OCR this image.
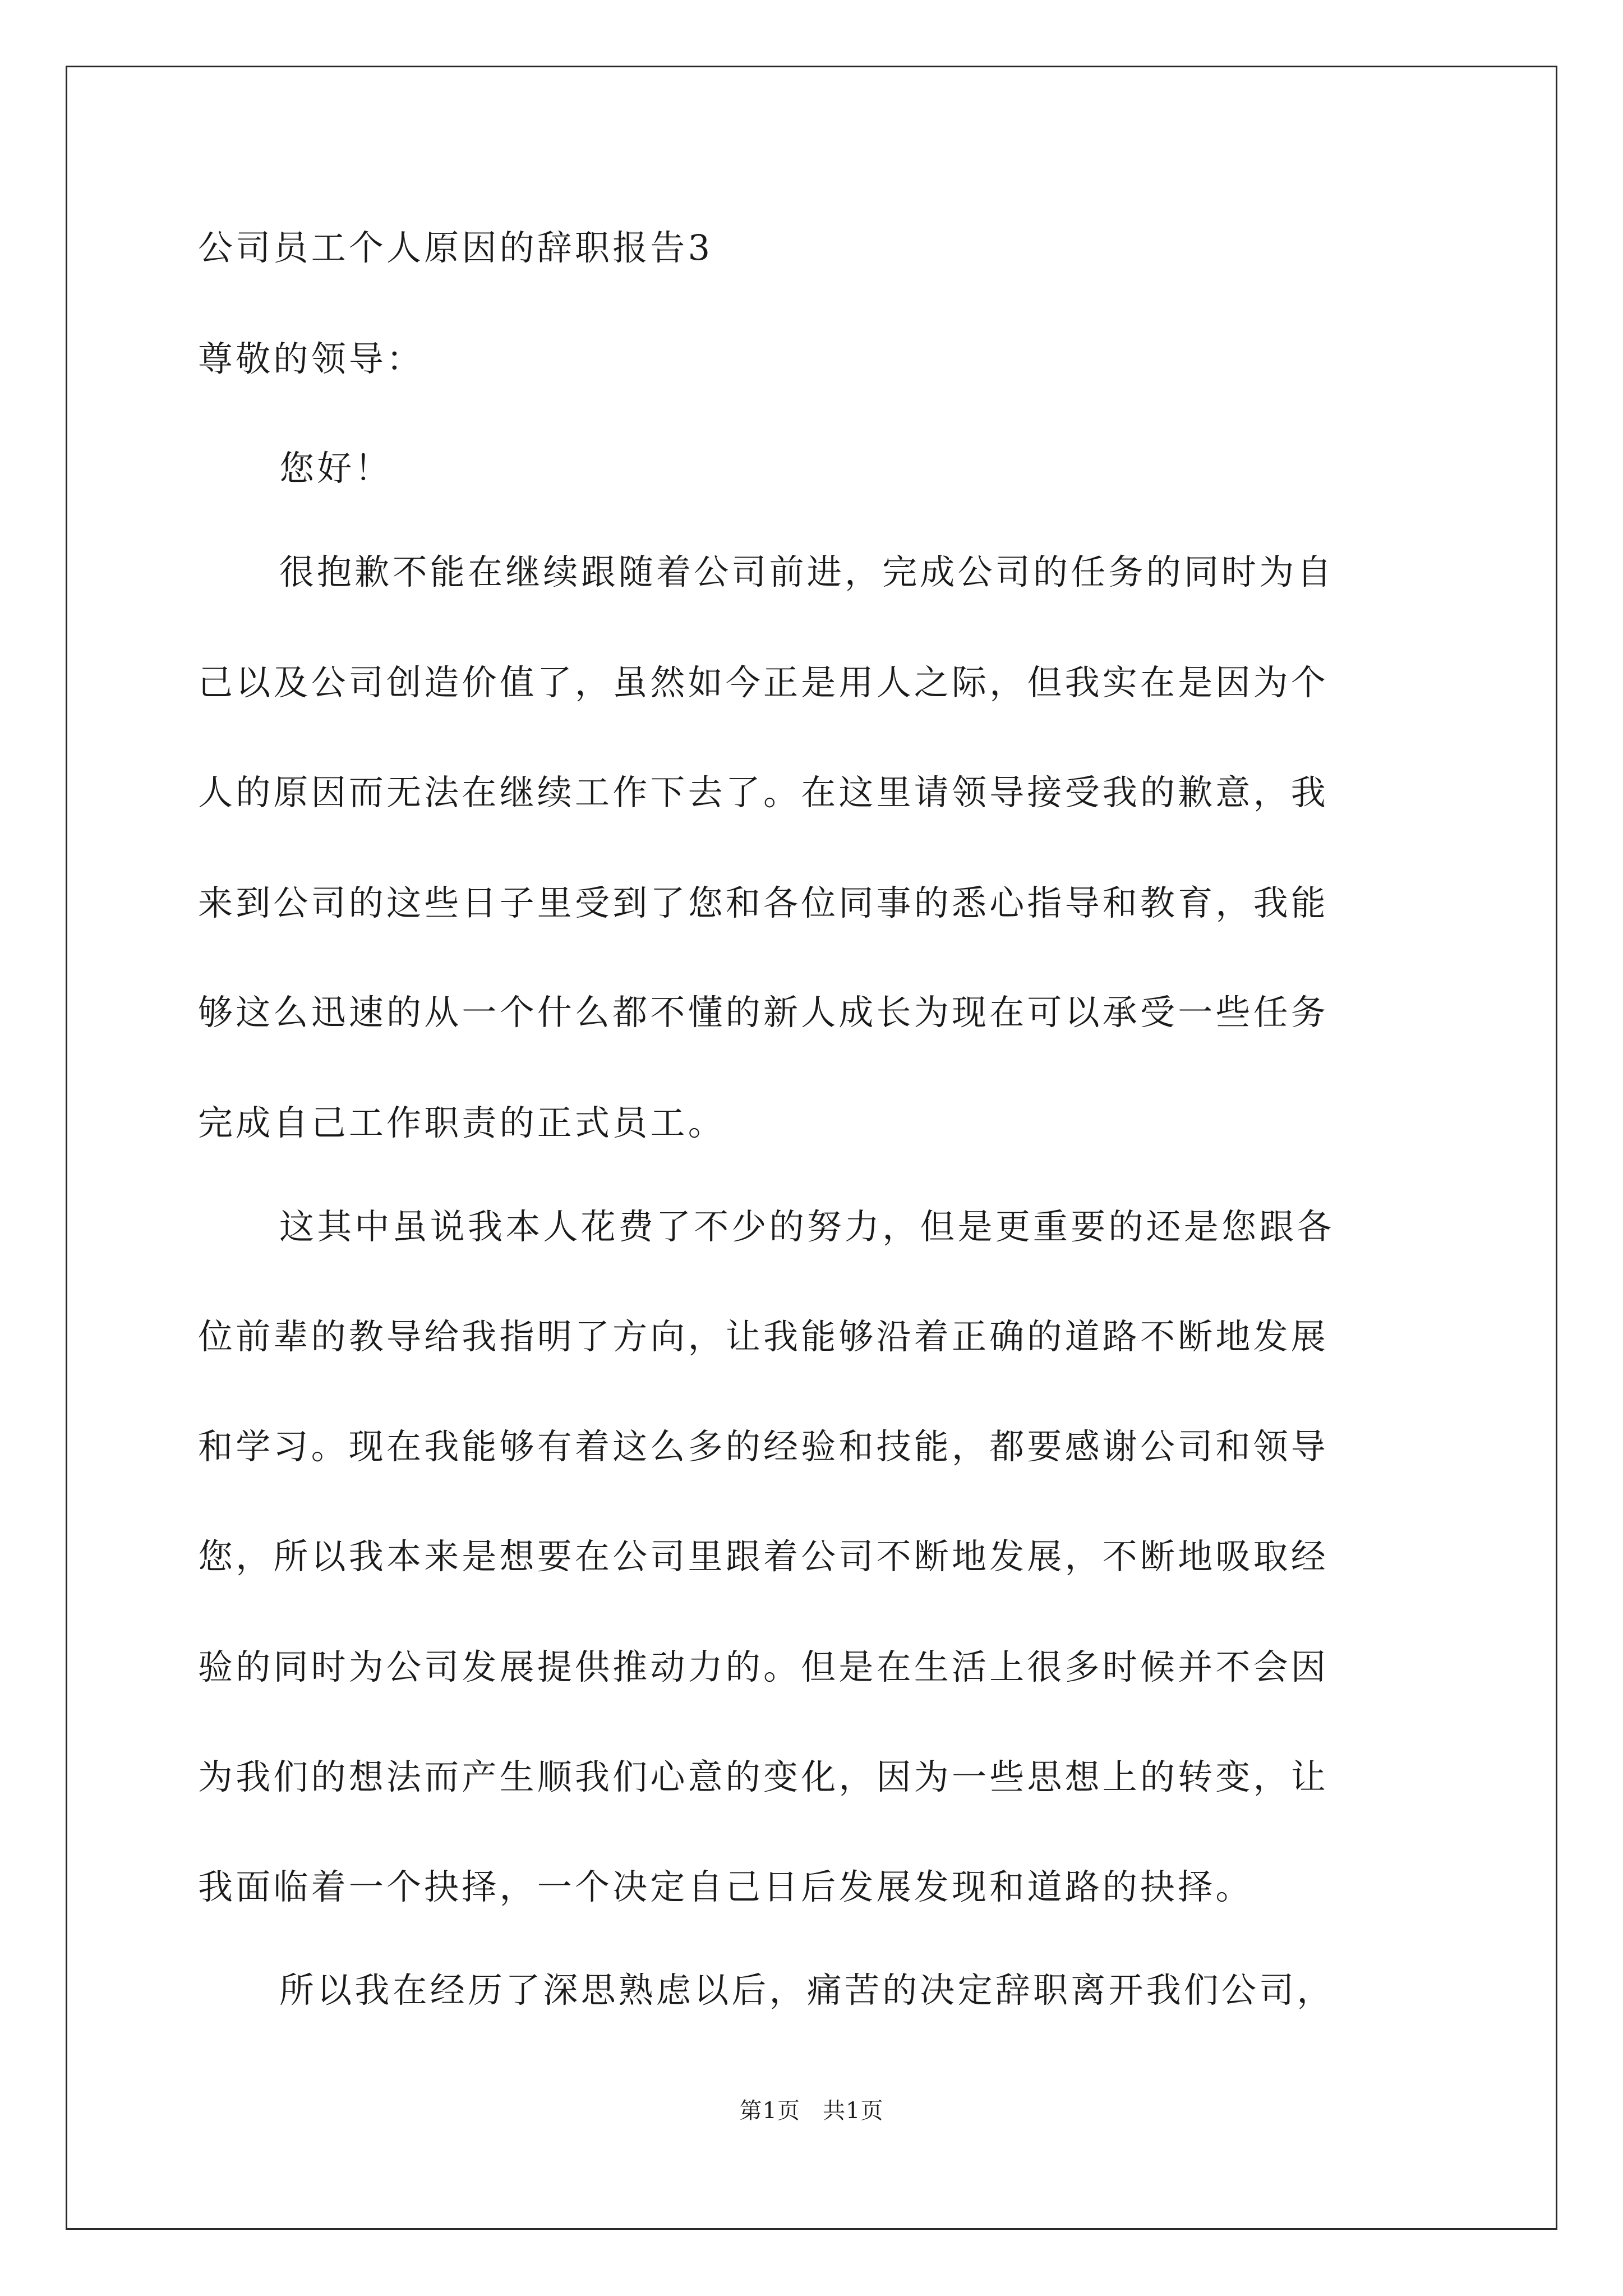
公司员工个人原因的辞职报告3
尊敬的领导：
您好！
很抱歉不能在继续跟随着公司前进，完成公司的任务的同时为自
己以及公司创造价值了，虽然如今正是用人之际，但我实在是因为个
人的原因而无法在继续工作下去了。在这里请领导接受我的歉意，我
来到公司的这些日子里受到了您和各位同事的悉心指导和教育，我能
够这么迅速的从一个什么都不懂的新人成长为现在可以承受一些任务
完成自己工作职责的正式员工。
这其中虽说我本人花费了不少的努力，但是更重要的还是您跟各
位前辈的教导给我指明了方向，让我能够沿着正确的道路不断地发展
和学习。现在我能够有着这么多的经验和技能，都要感谢公司和领导
您，所以我本来是想要在公司里跟着公司不断地发展，不断地吸取经
验的同时为公司发展提供推动力的。但是在生活上很多时候并不会因
为我们的想法而产生顺我们心意的变化，因为一些思想上的转变，让
我面临着一个抉择，一个决定自己日后发展发现和道路的抉择。
所以我在经历了深思熟虑以后，痛苦的决定辞职离开我们公司，
第1页 共1页
